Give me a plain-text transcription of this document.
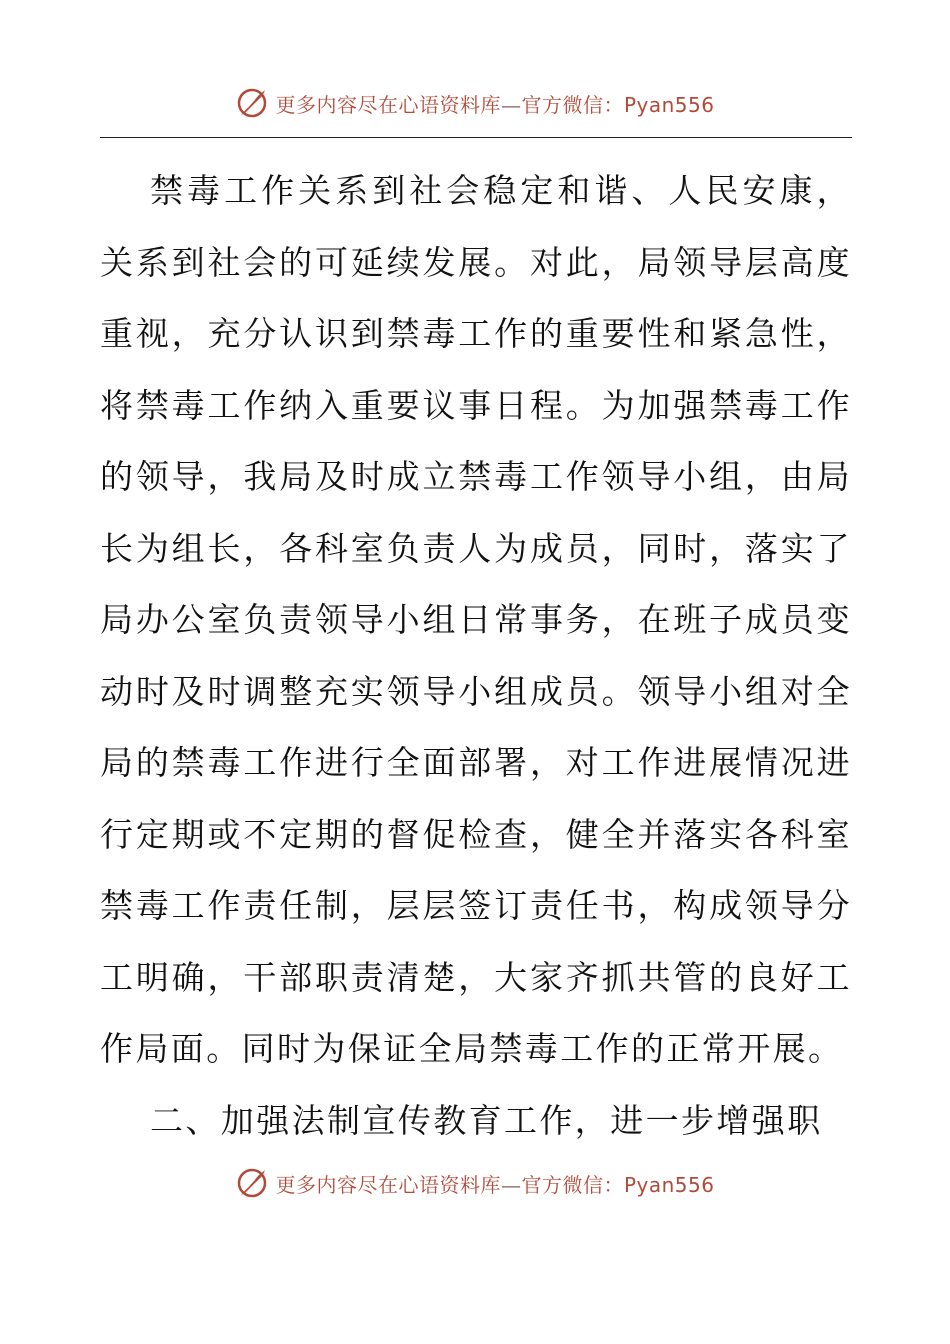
更多内容尽在心语资料库—官方微信：Pyan556

禁毒工作关系到社会稳定和谐、人民安康，关系到社会的可延续发展。对此，局领导层高度重视，充分认识到禁毒工作的重要性和紧急性，将禁毒工作纳入重要议事日程。为加强禁毒工作的领导，我局及时成立禁毒工作领导小组，由局长为组长，各科室负责人为成员，同时，落实了局办公室负责领导小组日常事务，在班子成员变动时及时调整充实领导小组成员。领导小组对全局的禁毒工作进行全面部署，对工作进展情况进行定期或不定期的督促检查，健全并落实各科室禁毒工作责任制，层层签订责任书，构成领导分工明确，干部职责清楚，大家齐抓共管的良好工作局面。同时为保证全局禁毒工作的正常开展。

二、加强法制宣传教育工作，进一步增强职

更多内容尽在心语资料库—官方微信：Pyan556
